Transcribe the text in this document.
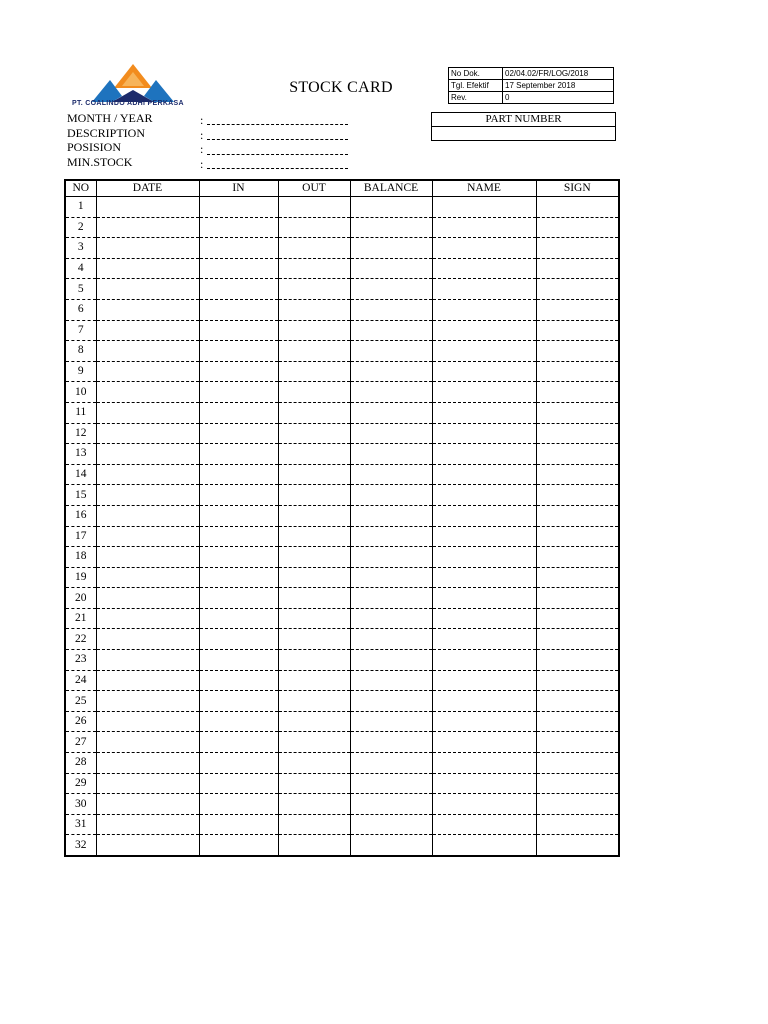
PT. COALINDO ADHI PERKASA
STOCK CARD
No Dok.	02/04.02/FR/LOG/2018
Tgl. Efektif	17 September 2018
Rev.	0
PART NUMBER
MONTH / YEAR	:
DESCRIPTION	:
POSISION	:
MIN.STOCK	:
NO	DATE	IN	OUT	BALANCE	NAME	SIGN
1						
2						
3						
4						
5						
6						
7						
8						
9						
10						
11						
12						
13						
14						
15						
16						
17						
18						
19						
20						
21						
22						
23						
24						
25						
26						
27						
28						
29						
30						
31						
32						
